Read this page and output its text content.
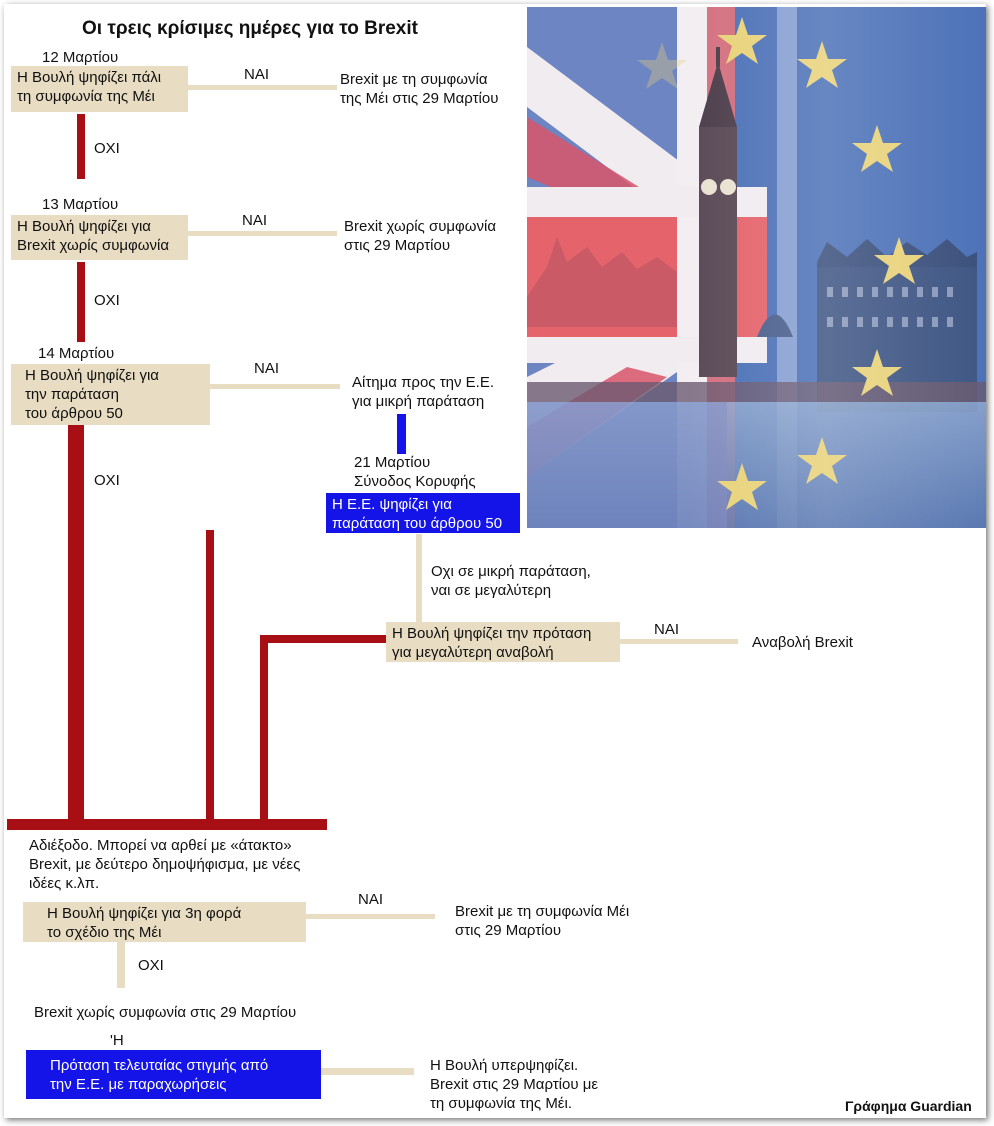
Οι τρεις κρίσιμες ημέρες για το Brexit
12 Μαρτίου
Η Βουλή ψηφίζει πάλι
τη συμφωνία της Μέι
ΝΑΙ	Brexit με τη συμφωνία
της Μέι στις 29 Μαρτίου
ΟΧΙ
13 Μαρτίου
Η Βουλή ψηφίζει για
Brexit χωρίς συμφωνία
ΝΑΙ	Brexit χωρίς συμφωνία
στις 29 Μαρτίου
ΟΧΙ
14 Μαρτίου
Η Βουλή ψηφίζει για
την παράταση
του άρθρου 50
ΝΑΙ
Αίτημα προς την Ε.Ε.
για μικρή παράταση
ΟΧΙ
21 Μαρτίου
Σύνοδος Κορυφής
Η Ε.Ε. ψηφίζει για
παράταση του άρθρου 50
Οχι σε μικρή παράταση,
ναι σε μεγαλύτερη
Η Βουλή ψηφίζει την πρόταση
για μεγαλύτερη αναβολή
ΝΑΙ
Αναβολή Brexit
Αδιέξοδο. Μπορεί να αρθεί με «άτακτο»
Brexit, με δεύτερο δημοψήφισμα, με νέες
ιδέες κ.λπ.
Η Βουλή ψηφίζει για 3η φορά
το σχέδιο της Μέι
ΝΑΙ
Brexit με τη συμφωνία Μέι
στις 29 Μαρτίου
ΟΧΙ
Brexit χωρίς συμφωνία στις 29 Μαρτίου
'Η
Πρόταση τελευταίας στιγμής από
την Ε.Ε. με παραχωρήσεις
Η Βουλή υπερψηφίζει.
Brexit στις 29 Μαρτίου με
τη συμφωνία της Μέι.	Γράφημα Guardian
